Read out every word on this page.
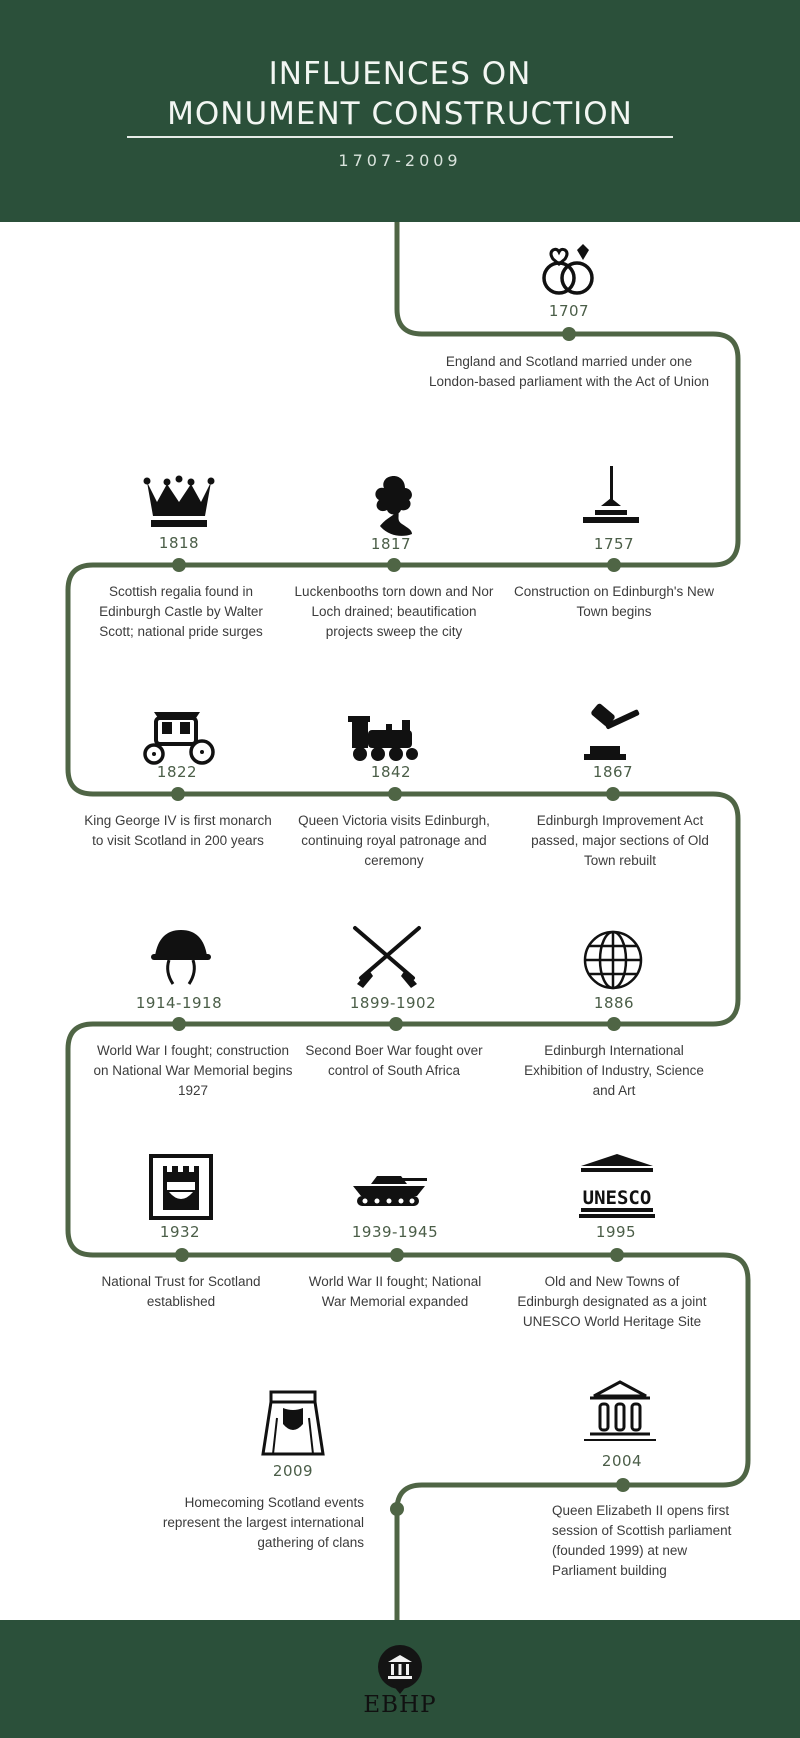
INFLUENCES ON
MONUMENT CONSTRUCTION
1707-2009
1707
England and Scotland married under one London-based parliament with the Act of Union
1757
Construction on Edinburgh's New Town begins
1817
Luckenbooths torn down and Nor Loch drained; beautification projects sweep the city
1818
Scottish regalia found in Edinburgh Castle by Walter Scott; national pride surges
1822
King George IV is first monarch to visit Scotland in 200 years
1842
Queen Victoria visits Edinburgh, continuing royal patronage and ceremony
1867
Edinburgh Improvement Act passed, major sections of Old Town rebuilt
1886
Edinburgh International Exhibition of Industry, Science and Art
1899-1902
Second Boer War fought over control of South Africa
1914-1918
World War I fought; construction on National War Memorial begins 1927
1932
National Trust for Scotland established
1939-1945
World War II fought; National War Memorial expanded
UNESCO
1995
Old and New Towns of Edinburgh designated as a joint UNESCO World Heritage Site
2004
Queen Elizabeth II opens first session of Scottish parliament (founded 1999) at new Parliament building
2009
Homecoming Scotland events represent the largest international gathering of clans
EBHP
